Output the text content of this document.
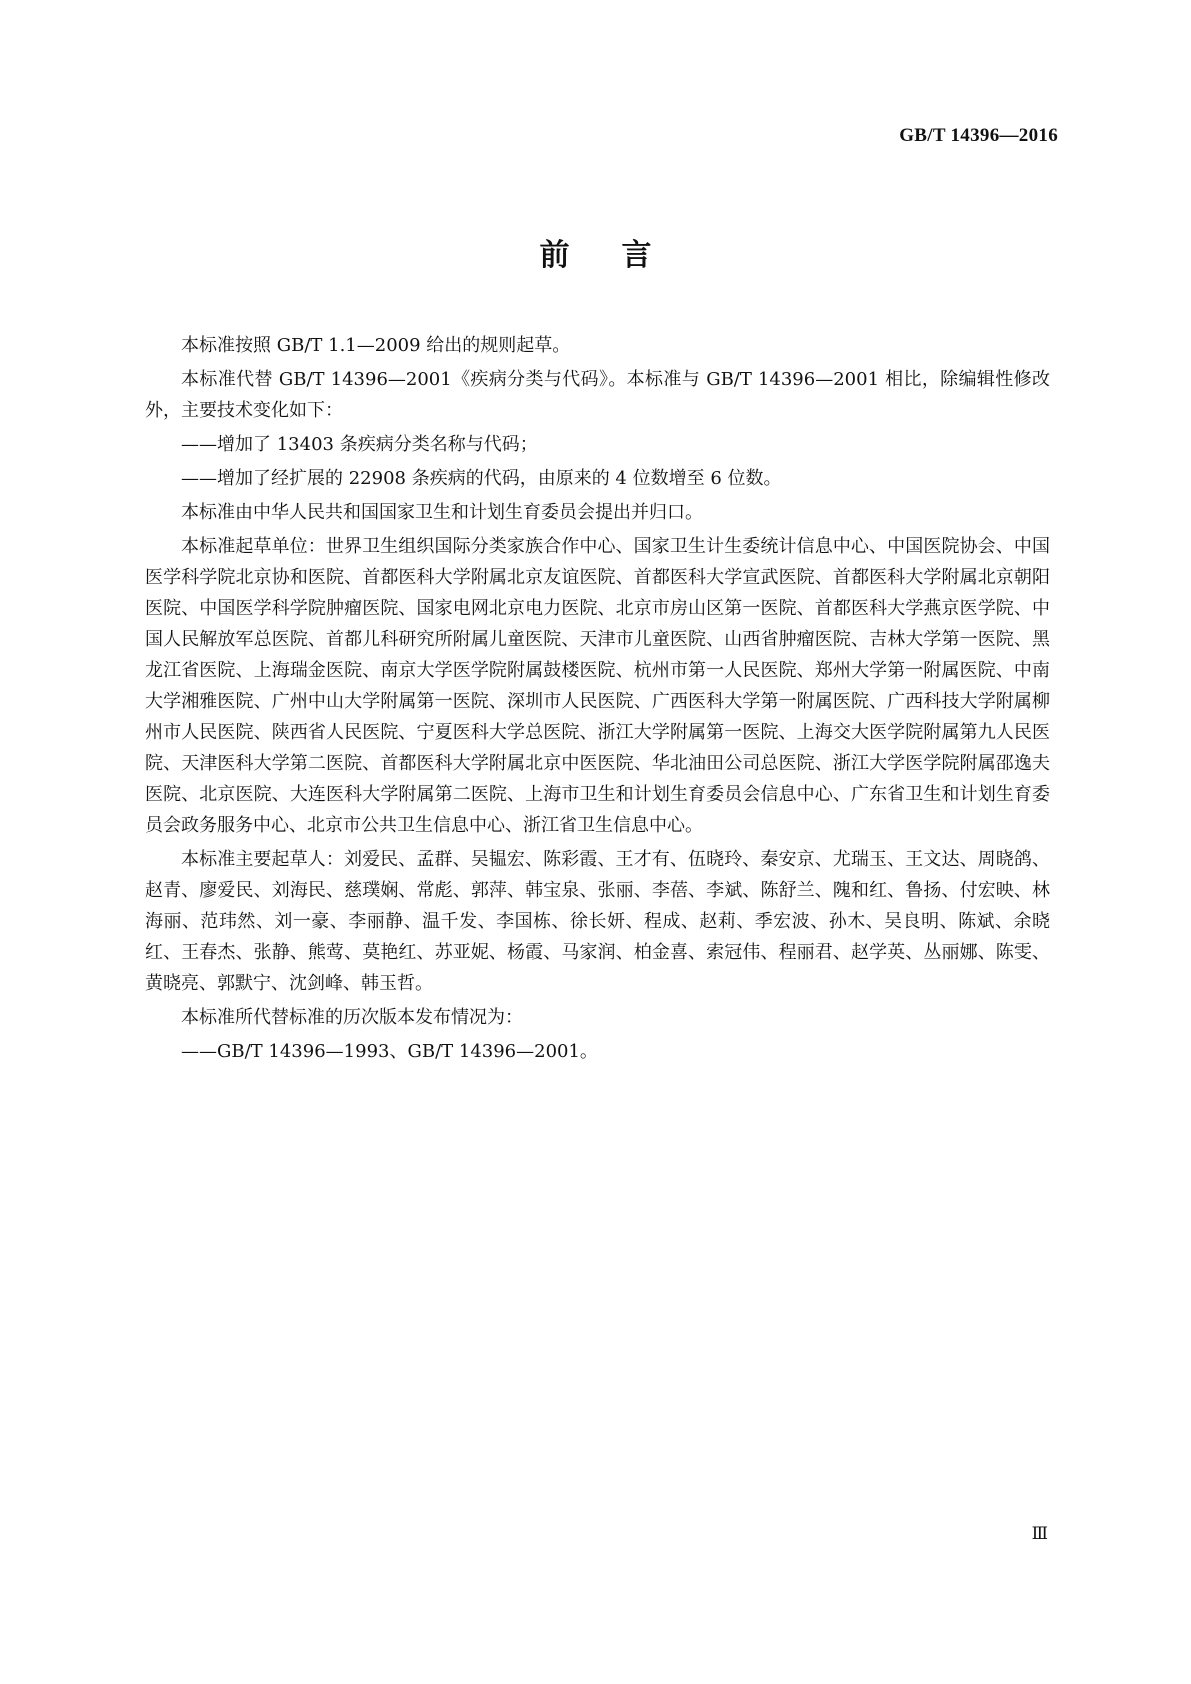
GB/T 14396—2016
前言

本标准按照 GB/T 1.1—2009 给出的规则起草。

本标准代替 GB/T 14396—2001《疾病分类与代码》。本标准与 GB/T 14396—2001 相比，除编辑性修改外，主要技术变化如下：

——增加了 13403 条疾病分类名称与代码；

——增加了经扩展的 22908 条疾病的代码，由原来的 4 位数增至 6 位数。

本标准由中华人民共和国国家卫生和计划生育委员会提出并归口。

本标准起草单位：世界卫生组织国际分类家族合作中心、国家卫生计生委统计信息中心、中国医院协会、中国医学科学院北京协和医院、首都医科大学附属北京友谊医院、首都医科大学宣武医院、首都医科大学附属北京朝阳医院、中国医学科学院肿瘤医院、国家电网北京电力医院、北京市房山区第一医院、首都医科大学燕京医学院、中国人民解放军总医院、首都儿科研究所附属儿童医院、天津市儿童医院、山西省肿瘤医院、吉林大学第一医院、黑龙江省医院、上海瑞金医院、南京大学医学院附属鼓楼医院、杭州市第一人民医院、郑州大学第一附属医院、中南大学湘雅医院、广州中山大学附属第一医院、深圳市人民医院、广西医科大学第一附属医院、广西科技大学附属柳州市人民医院、陕西省人民医院、宁夏医科大学总医院、浙江大学附属第一医院、上海交大医学院附属第九人民医院、天津医科大学第二医院、首都医科大学附属北京中医医院、华北油田公司总医院、浙江大学医学院附属邵逸夫医院、北京医院、大连医科大学附属第二医院、上海市卫生和计划生育委员会信息中心、广东省卫生和计划生育委员会政务服务中心、北京市公共卫生信息中心、浙江省卫生信息中心。

本标准主要起草人：刘爱民、孟群、吴韫宏、陈彩霞、王才有、伍晓玲、秦安京、尤瑞玉、王文达、周晓鸽、赵青、廖爱民、刘海民、慈璞娴、常彪、郭萍、韩宝泉、张丽、李蓓、李斌、陈舒兰、隗和红、鲁扬、付宏映、林海丽、范玮然、刘一豪、李丽静、温千发、李国栋、徐长妍、程成、赵莉、季宏波、孙木、吴良明、陈斌、余晓红、王春杰、张静、熊莺、莫艳红、苏亚妮、杨霞、马家润、柏金喜、索冠伟、程丽君、赵学英、丛丽娜、陈雯、黄晓亮、郭默宁、沈剑峰、韩玉哲。

本标准所代替标准的历次版本发布情况为：

——GB/T 14396—1993、GB/T 14396—2001。

Ⅲ
